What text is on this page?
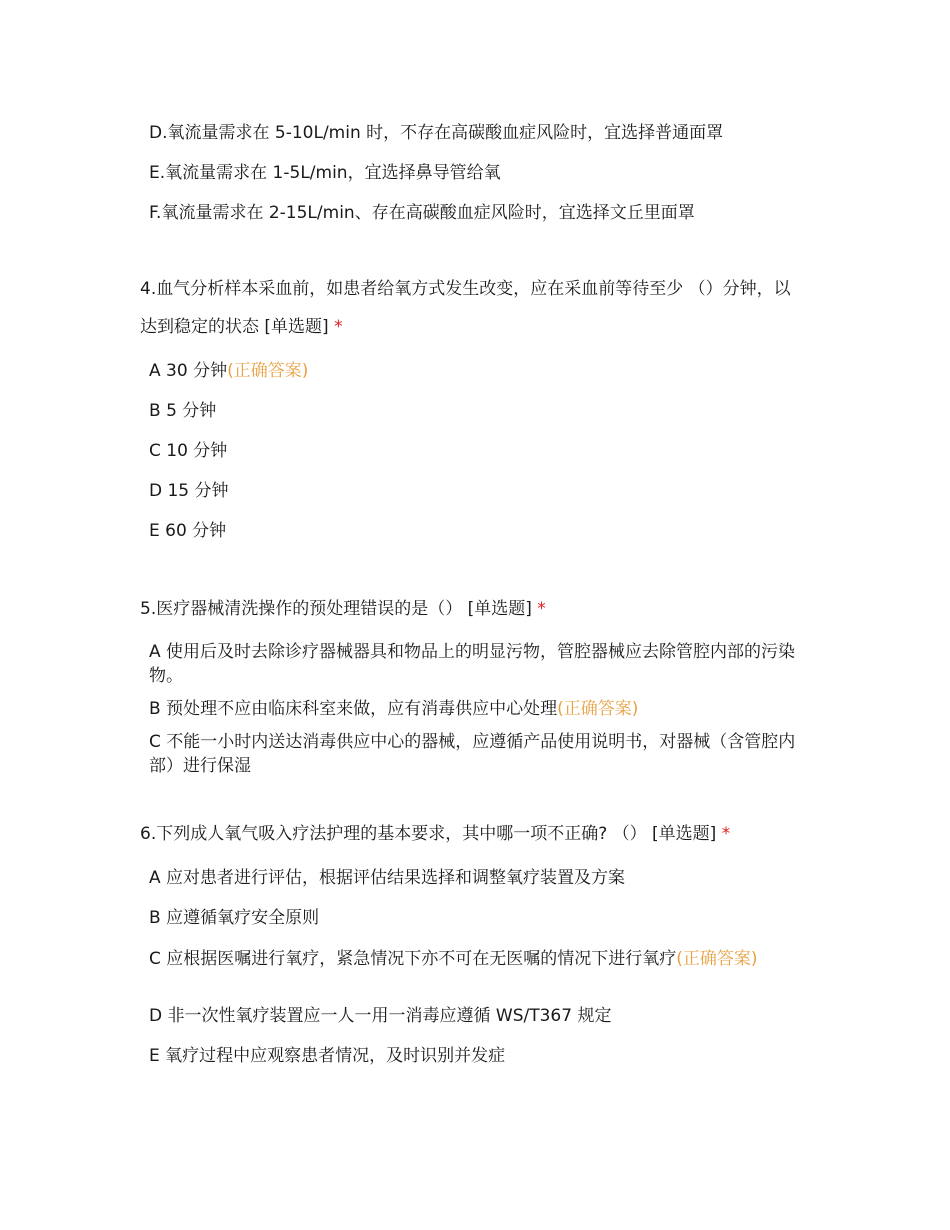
D.氧流量需求在 5-10L/min 时，不存在高碳酸血症风险时，宜选择普通面罩
E.氧流量需求在 1-5L/min，宜选择鼻导管给氧
F.氧流量需求在 2-15L/min、存在高碳酸血症风险时，宜选择文丘里面罩
4.血气分析样本采血前，如患者给氧方式发生改变，应在采血前等待至少 （）分钟，以达到稳定的状态 [单选题] *
A 30 分钟(正确答案)
B 5 分钟
C 10 分钟
D 15 分钟
E 60 分钟
5.医疗器械清洗操作的预处理错误的是（） [单选题] *
A 使用后及时去除诊疗器械器具和物品上的明显污物，管腔器械应去除管腔内部的污染物。
B 预处理不应由临床科室来做，应有消毒供应中心处理(正确答案)
C 不能一小时内送达消毒供应中心的器械，应遵循产品使用说明书，对器械（含管腔内部）进行保湿
6.下列成人氧气吸入疗法护理的基本要求，其中哪一项不正确? （） [单选题] *
A 应对患者进行评估，根据评估结果选择和调整氧疗装置及方案
B 应遵循氧疗安全原则
C 应根据医嘱进行氧疗，紧急情况下亦不可在无医嘱的情况下进行氧疗(正确答案)
D 非一次性氧疗装置应一人一用一消毒应遵循 WS/T367 规定
E 氧疗过程中应观察患者情况，及时识别并发症
